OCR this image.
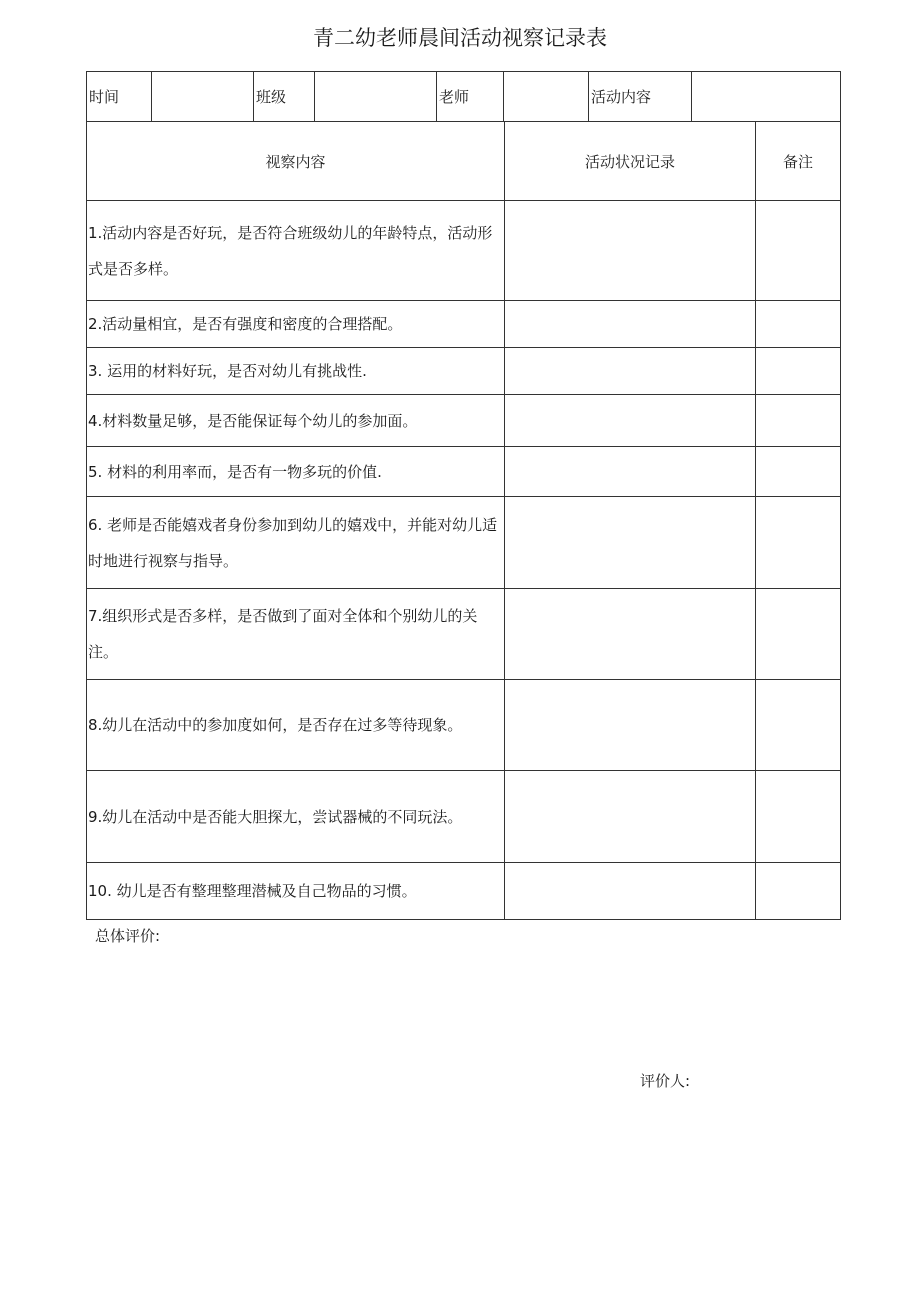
青二幼老师晨间活动视察记录表
时间		班级		老师		活动内容	
视察内容	活动状况记录	备注
1.活动内容是否好玩，是否符合班级幼儿的年龄特点，活动形式是否多样。		
2.活动量相宜，是否有强度和密度的合理搭配。		
3. 运用的材料好玩，是否对幼儿有挑战性.		
4.材料数量足够，是否能保证每个幼儿的参加面。		
5. 材料的利用率而，是否有一物多玩的价值.		
6. 老师是否能嬉戏者身份参加到幼儿的嬉戏中，并能对幼儿适时地进行视察与指导。		
7.组织形式是否多样，是否做到了面对全体和个别幼儿的关注。		
8.幼儿在活动中的参加度如何，是否存在过多等待现象。		
9.幼儿在活动中是否能大胆探尢，尝试器械的不同玩法。		
10. 幼儿是否有整理整理潜械及自己物品的习惯。		
总体评价:
评价人:
